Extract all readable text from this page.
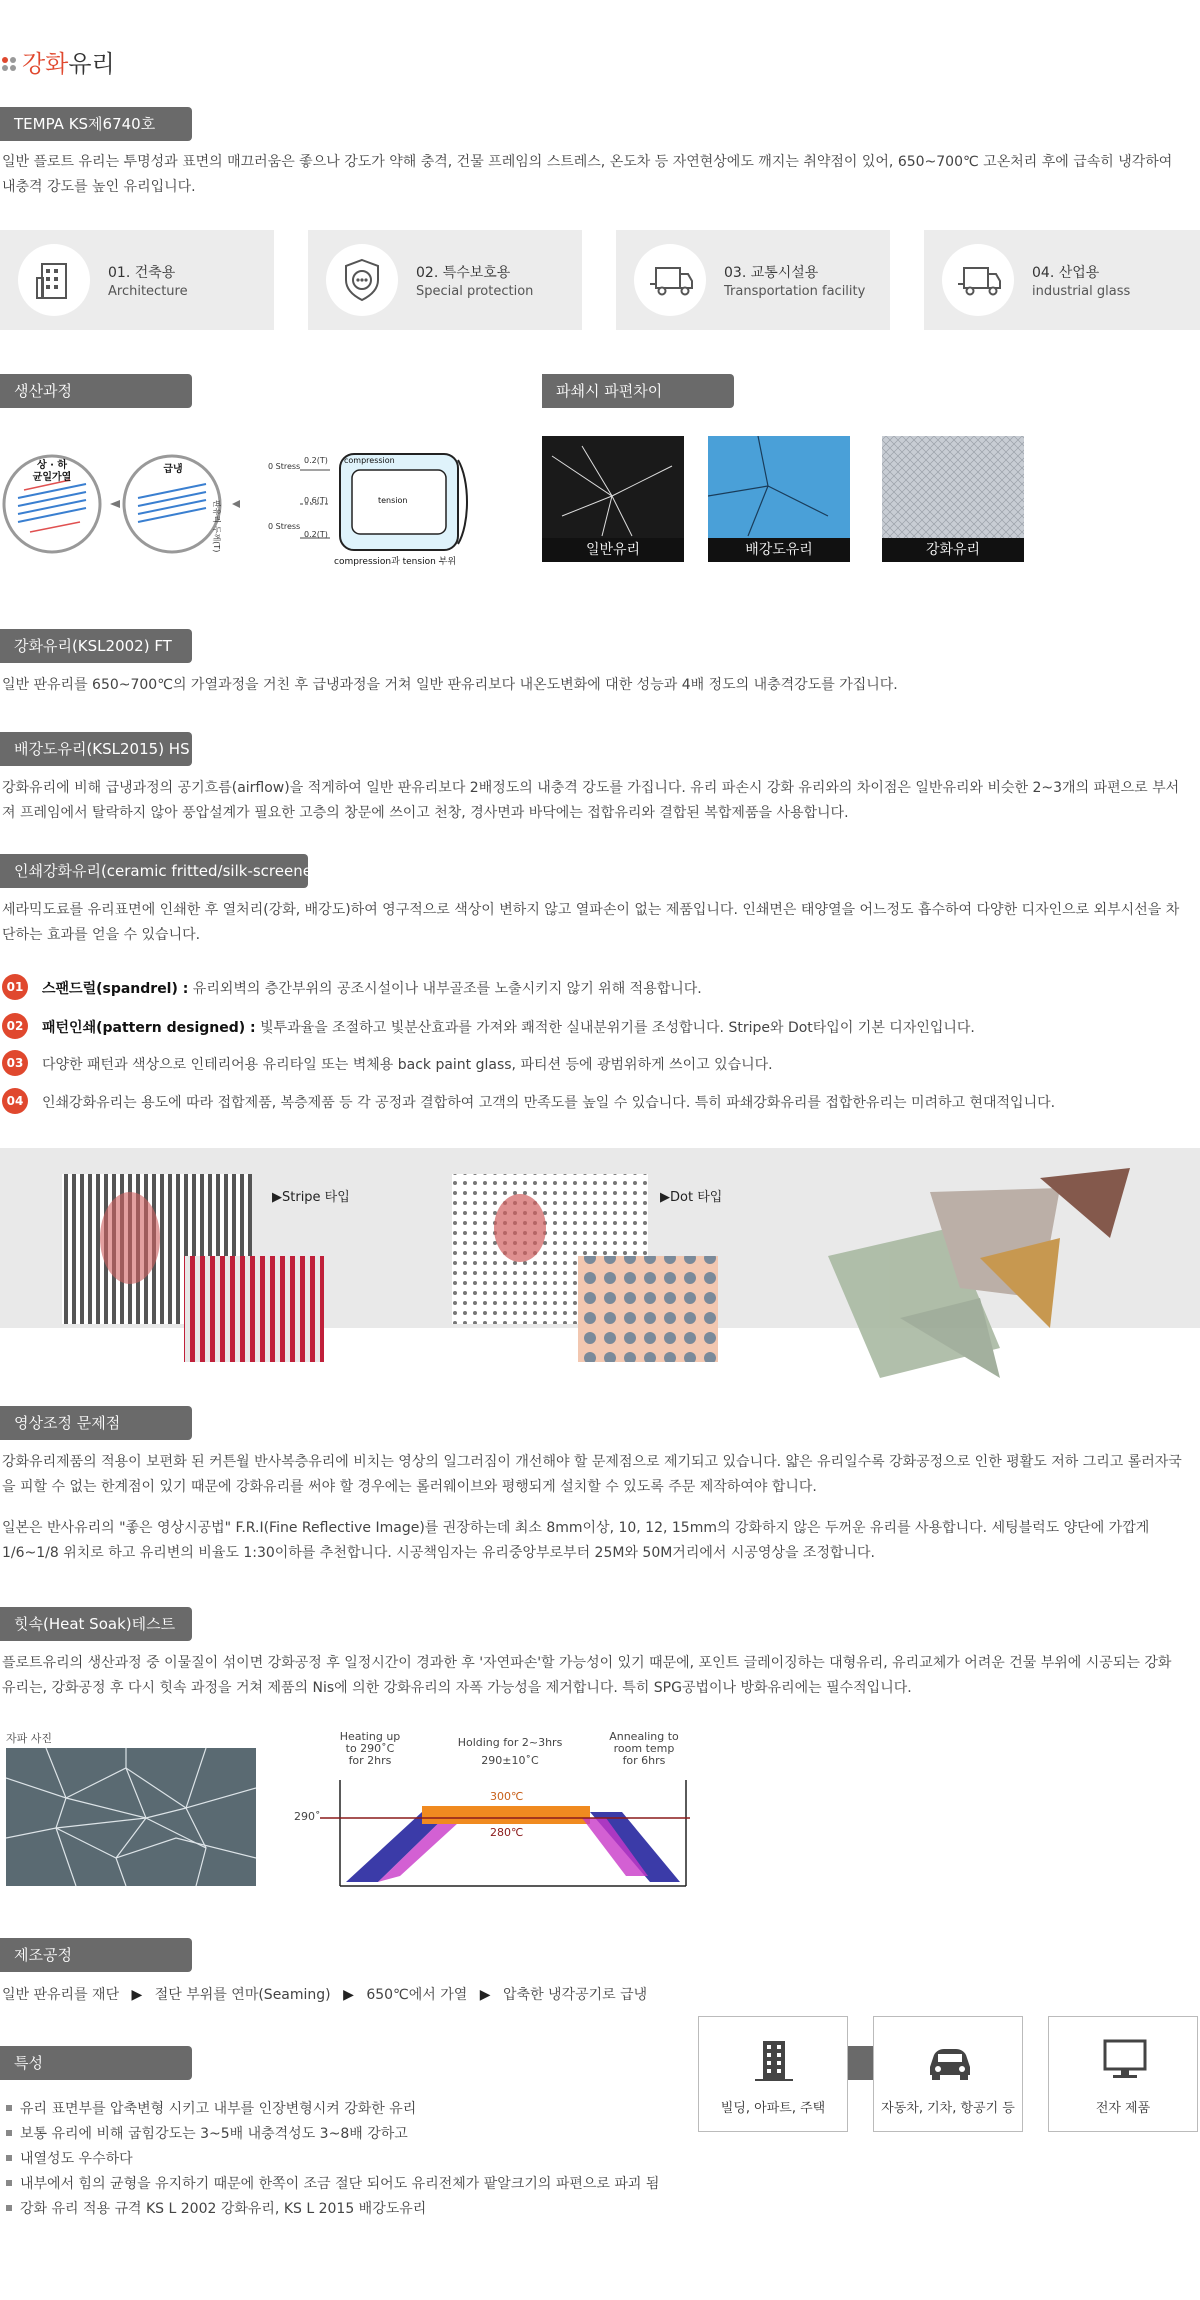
강화유리
TEMPA KS제6740호
일반 플로트 유리는 투명성과 표면의 매끄러움은 좋으나 강도가 약해 충격, 건물 프레임의 스트레스, 온도차 등 자연현상에도 깨지는 취약점이 있어, 650~700℃ 고온처리 후에 급속히 냉각하여 내충격 강도를 높인 유리입니다.
01. 건축용
Architecture
02. 특수보호용
Special protection
03. 교통시설용
Transportation facility
04. 산업용
industrial glass
생산과정
상 · 하
균일가열
급냉
판유리 두께(T)
0 Stress
0.2(T)
0.6(T)
0 Stress
0.2(T)
compression
tension
compression과 tension 부위
파쇄시 파편차이
일반유리	배강도유리	강화유리
강화유리(KSL2002) FT
일반 판유리를 650~700℃의 가열과정을 거친 후 급냉과정을 거쳐 일반 판유리보다 내온도변화에 대한 성능과 4배 정도의 내충격강도를 가집니다.
배강도유리(KSL2015) HS
강화유리에 비해 급냉과정의 공기흐름(airflow)을 적게하여 일반 판유리보다 2배정도의 내충격 강도를 가집니다. 유리 파손시 강화 유리와의 차이점은 일반유리와 비슷한 2~3개의 파편으로 부서져 프레임에서 탈락하지 않아 풍압설계가 필요한 고층의 창문에 쓰이고 천창, 경사면과 바닥에는 접합유리와 결합된 복합제품을 사용합니다.
인쇄강화유리(ceramic fritted/silk-screened)
세라믹도료를 유리표면에 인쇄한 후 열처리(강화, 배강도)하여 영구적으로 색상이 변하지 않고 열파손이 없는 제품입니다. 인쇄면은 태양열을 어느정도 흡수하여 다양한 디자인으로 외부시선을 차단하는 효과를 얻을 수 있습니다.
01	스팬드럴(spandrel) : 유리외벽의 층간부위의 공조시설이나 내부골조를 노출시키지 않기 위해 적용합니다.
02	패턴인쇄(pattern designed) : 빛투과율을 조절하고 빛분산효과를 가져와 쾌적한 실내분위기를 조성합니다. Stripe와 Dot타입이 기본 디자인입니다.
03	다양한 패턴과 색상으로 인테리어용 유리타일 또는 벽체용 back paint glass, 파티션 등에 광범위하게 쓰이고 있습니다.
04	인쇄강화유리는 용도에 따라 접합제품, 복층제품 등 각 공정과 결합하여 고객의 만족도를 높일 수 있습니다. 특히 파쇄강화유리를 접합한유리는 미려하고 현대적입니다.
▶Stripe 타입	▶Dot 타입
영상조정 문제점
강화유리제품의 적용이 보편화 된 커튼월 반사복층유리에 비치는 영상의 일그러짐이 개선해야 할 문제점으로 제기되고 있습니다. 얇은 유리일수록 강화공정으로 인한 평활도 저하 그리고 롤러자국을 피할 수 없는 한계점이 있기 때문에 강화유리를 써야 할 경우에는 롤러웨이브와 평행되게 설치할 수 있도록 주문 제작하여야 합니다.
일본은 반사유리의 "좋은 영상시공법" F.R.I(Fine Reflective Image)를 권장하는데 최소 8mm이상, 10, 12, 15mm의 강화하지 않은 두꺼운 유리를 사용합니다. 세팅블럭도 양단에 가깝게 1/6~1/8 위치로 하고 유리변의 비율도 1:30이하를 추천합니다. 시공책임자는 유리중앙부로부터 25M와 50M거리에서 시공영상을 조정합니다.
힛속(Heat Soak)테스트
플로트유리의 생산과정 중 이물질이 섞이면 강화공정 후 일정시간이 경과한 후 '자연파손'할 가능성이 있기 때문에, 포인트 글레이징하는 대형유리, 유리교체가 어려운 건물 부위에 시공되는 강화유리는, 강화공정 후 다시 힛속 과정을 거쳐 제품의 Nis에 의한 강화유리의 자폭 가능성을 제거합니다. 특히 SPG공법이나 방화유리에는 필수적입니다.
자파 사진	Heating up
to 290˚C
for 2hrs
Holding for 2~3hrs
290±10˚C
Annealing to
room temp
for 6hrs
290˚
300℃
280℃
제조공정
일반 판유리를 재단 ▶ 절단 부위를 연마(Seaming) ▶ 650℃에서 가열 ▶ 압축한 냉각공기로 급냉
특성
유리 표면부를 압축변형 시키고 내부를 인장변형시켜 강화한 유리
보통 유리에 비해 굽힘강도는 3~5배 내충격성도 3~8배 강하고
내열성도 우수하다
내부에서 힘의 균형을 유지하기 때문에 한쪽이 조금 절단 되어도 유리전체가 팥알크기의 파편으로 파괴 됨
강화 유리 적용 규격 KS L 2002 강화유리, KS L 2015 배강도유리
빌딩, 아파트, 주택	자동차, 기차, 항공기 등	전자 제품
